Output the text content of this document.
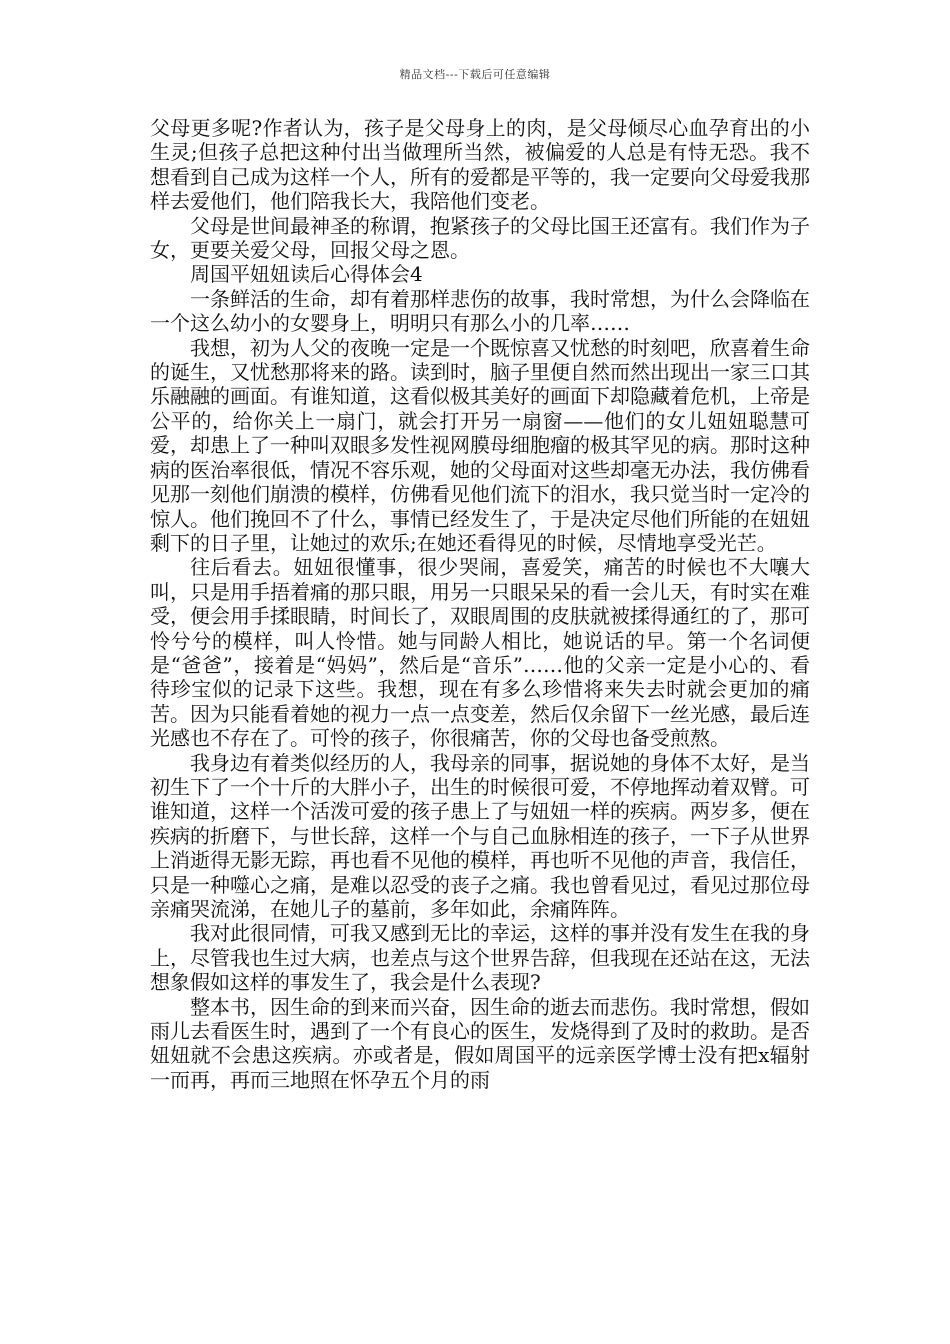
精品文档---下载后可任意编辑

父母更多呢?作者认为，孩子是父母身上的肉，是父母倾尽心血孕育出的小生灵;但孩子总把这种付出当做理所当然，被偏爱的人总是有恃无恐。我不想看到自己成为这样一个人，所有的爱都是平等的，我一定要向父母爱我那样去爱他们，他们陪我长大，我陪他们变老。

父母是世间最神圣的称谓，抱紧孩子的父母比国王还富有。我们作为子女，更要关爱父母，回报父母之恩。

周国平妞妞读后心得体会4

一条鲜活的生命，却有着那样悲伤的故事，我时常想，为什么会降临在一个这么幼小的女婴身上，明明只有那么小的几率……

我想，初为人父的夜晚一定是一个既惊喜又忧愁的时刻吧，欣喜着生命的诞生，又忧愁那将来的路。读到时，脑子里便自然而然出现出一家三口其乐融融的画面。有谁知道，这看似极其美好的画面下却隐藏着危机，上帝是公平的，给你关上一扇门，就会打开另一扇窗——他们的女儿妞妞聪慧可爱，却患上了一种叫双眼多发性视网膜母细胞瘤的极其罕见的病。那时这种病的医治率很低，情况不容乐观，她的父母面对这些却毫无办法，我仿佛看见那一刻他们崩溃的模样，仿佛看见他们流下的泪水，我只觉当时一定冷的惊人。他们挽回不了什么，事情已经发生了，于是决定尽他们所能的在妞妞剩下的日子里，让她过的欢乐;在她还看得见的时候，尽情地享受光芒。

往后看去。妞妞很懂事，很少哭闹，喜爱笑，痛苦的时候也不大嚷大叫，只是用手捂着痛的那只眼，用另一只眼呆呆的看一会儿天，有时实在难受，便会用手揉眼睛，时间长了，双眼周围的皮肤就被揉得通红的了，那可怜兮兮的模样，叫人怜惜。她与同龄人相比，她说话的早。第一个名词便是“爸爸”，接着是“妈妈”，然后是“音乐”……他的父亲一定是小心的、看待珍宝似的记录下这些。我想，现在有多么珍惜将来失去时就会更加的痛苦。因为只能看着她的视力一点一点变差，然后仅余留下一丝光感，最后连光感也不存在了。可怜的孩子，你很痛苦，你的父母也备受煎熬。

我身边有着类似经历的人，我母亲的同事，据说她的身体不太好，是当初生下了一个十斤的大胖小子，出生的时候很可爱，不停地挥动着双臂。可谁知道，这样一个活泼可爱的孩子患上了与妞妞一样的疾病。两岁多，便在疾病的折磨下，与世长辞，这样一个与自己血脉相连的孩子，一下子从世界上消逝得无影无踪，再也看不见他的模样，再也听不见他的声音，我信任，只是一种噬心之痛，是难以忍受的丧子之痛。我也曾看见过，看见过那位母亲痛哭流涕，在她儿子的墓前，多年如此，余痛阵阵。

我对此很同情，可我又感到无比的幸运，这样的事并没有发生在我的身上，尽管我也生过大病，也差点与这个世界告辞，但我现在还站在这，无法想象假如这样的事发生了，我会是什么表现?

整本书，因生命的到来而兴奋，因生命的逝去而悲伤。我时常想，假如雨儿去看医生时，遇到了一个有良心的医生，发烧得到了及时的救助。是否妞妞就不会患这疾病。亦或者是，假如周国平的远亲医学博士没有把x辐射一而再，再而三地照在怀孕五个月的雨
